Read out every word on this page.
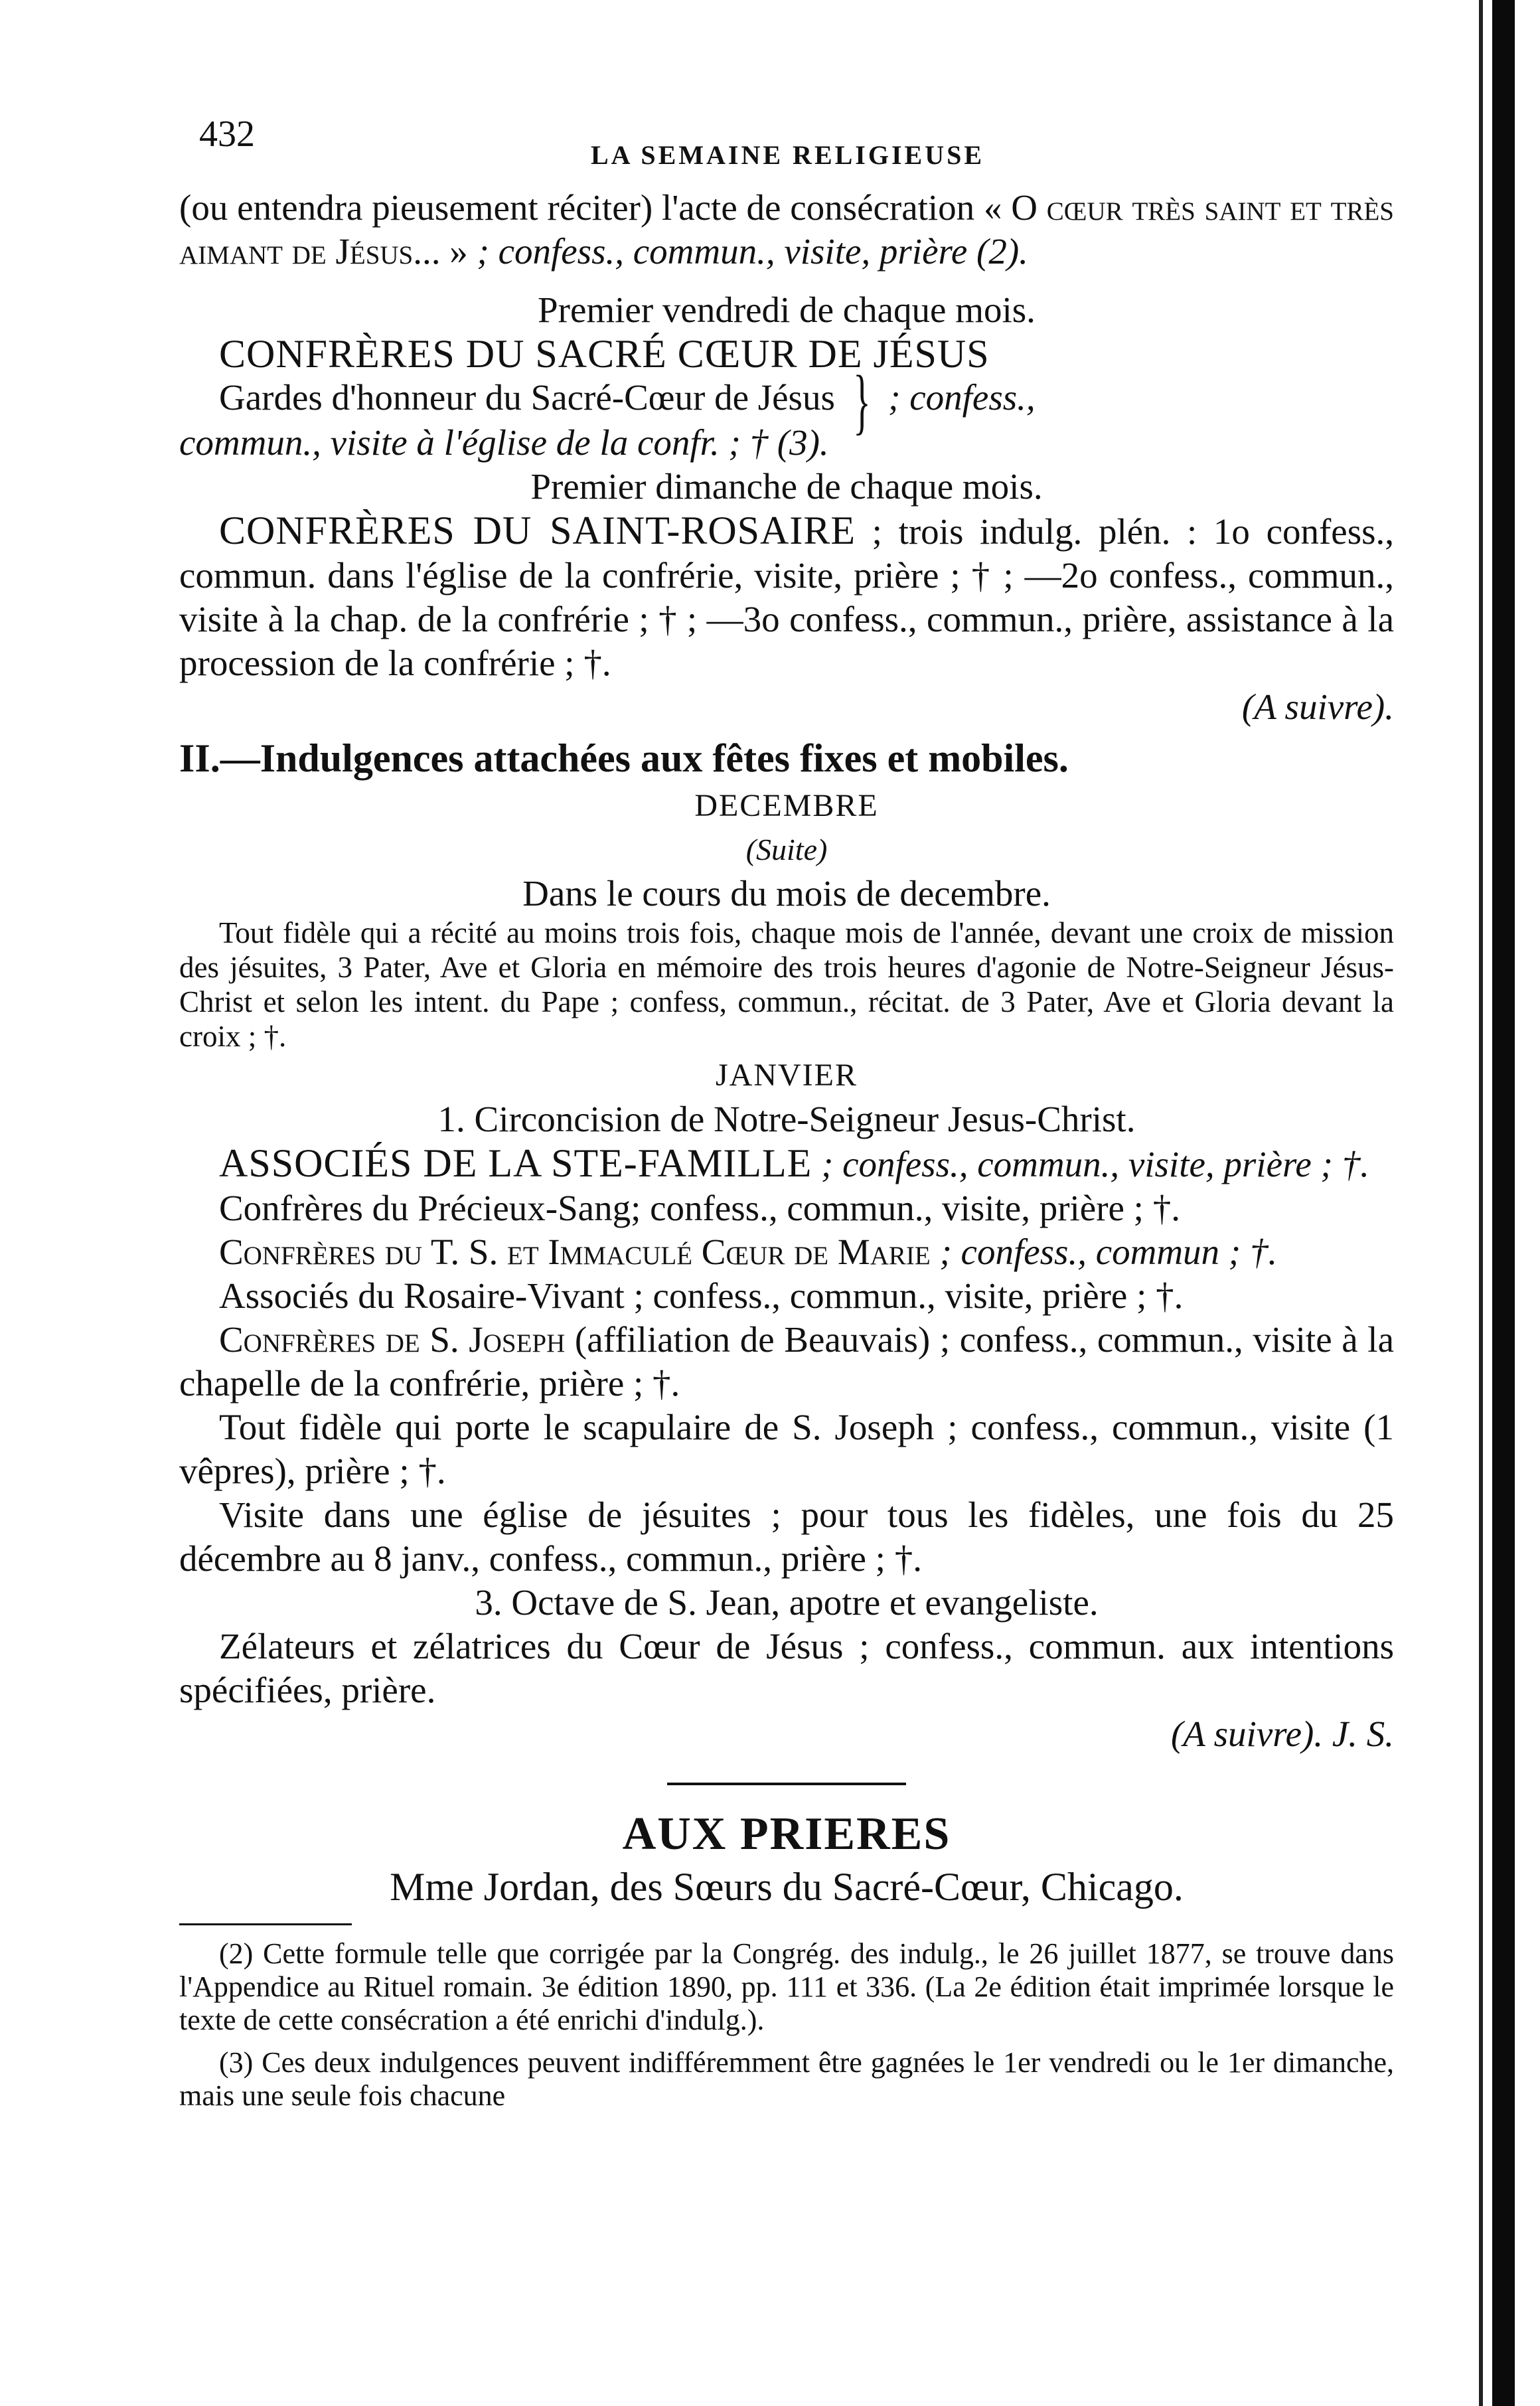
432
LA SEMAINE RELIGIEUSE

(ou entendra pieusement réciter) l'acte de consécration « O cœur très saint et très aimant de Jésus... » ; confess., commun., visite, prière (2).

Premier vendredi de chaque mois.

CONFRÈRES DU SACRÉ CŒUR DE JÉSUS

Gardes d'honneur du Sacré-Cœur de Jésus } ; confess.,

commun., visite à l'église de la confr. ; † (3).

Premier dimanche de chaque mois.

CONFRÈRES DU SAINT-ROSAIRE ; trois indulg. plén. : 1o confess., commun. dans l'église de la confrérie, visite, prière ; † ; —2o confess., commun., visite à la chap. de la confrérie ; † ; —3o confess., commun., prière, assistance à la procession de la confrérie ; †.

(A suivre).

II.—Indulgences attachées aux fêtes fixes et mobiles.

DECEMBRE

(Suite)

Dans le cours du mois de decembre.

Tout fidèle qui a récité au moins trois fois, chaque mois de l'année, devant une croix de mission des jésuites, 3 Pater, Ave et Gloria en mémoire des trois heures d'agonie de Notre-Seigneur Jésus-Christ et selon les intent. du Pape ; confess, commun., récitat. de 3 Pater, Ave et Gloria devant la croix ; †.

JANVIER

1. Circoncision de Notre-Seigneur Jesus-Christ.

ASSOCIÉS DE LA STE-FAMILLE ; confess., commun., visite, prière ; †.

Confrères du Précieux-Sang; confess., commun., visite, prière ; †.

Confrères du T. S. et Immaculé Cœur de Marie ; confess., commun ; †.

Associés du Rosaire-Vivant ; confess., commun., visite, prière ; †.

Confrères de S. Joseph (affiliation de Beauvais) ; confess., commun., visite à la chapelle de la confrérie, prière ; †.

Tout fidèle qui porte le scapulaire de S. Joseph ; confess., commun., visite (1 vêpres), prière ; †.

Visite dans une église de jésuites ; pour tous les fidèles, une fois du 25 décembre au 8 janv., confess., commun., prière ; †.

3. Octave de S. Jean, apotre et evangeliste.

Zélateurs et zélatrices du Cœur de Jésus ; confess., commun. aux intentions spécifiées, prière.

(A suivre). J. S.

AUX PRIERES

Mme Jordan, des Sœurs du Sacré-Cœur, Chicago.

(2) Cette formule telle que corrigée par la Congrég. des indulg., le 26 juillet 1877, se trouve dans l'Appendice au Rituel romain. 3e édition 1890, pp. 111 et 336. (La 2e édition était imprimée lorsque le texte de cette consécration a été enrichi d'indulg.).

(3) Ces deux indulgences peuvent indifféremment être gagnées le 1er vendredi ou le 1er dimanche, mais une seule fois chacune
